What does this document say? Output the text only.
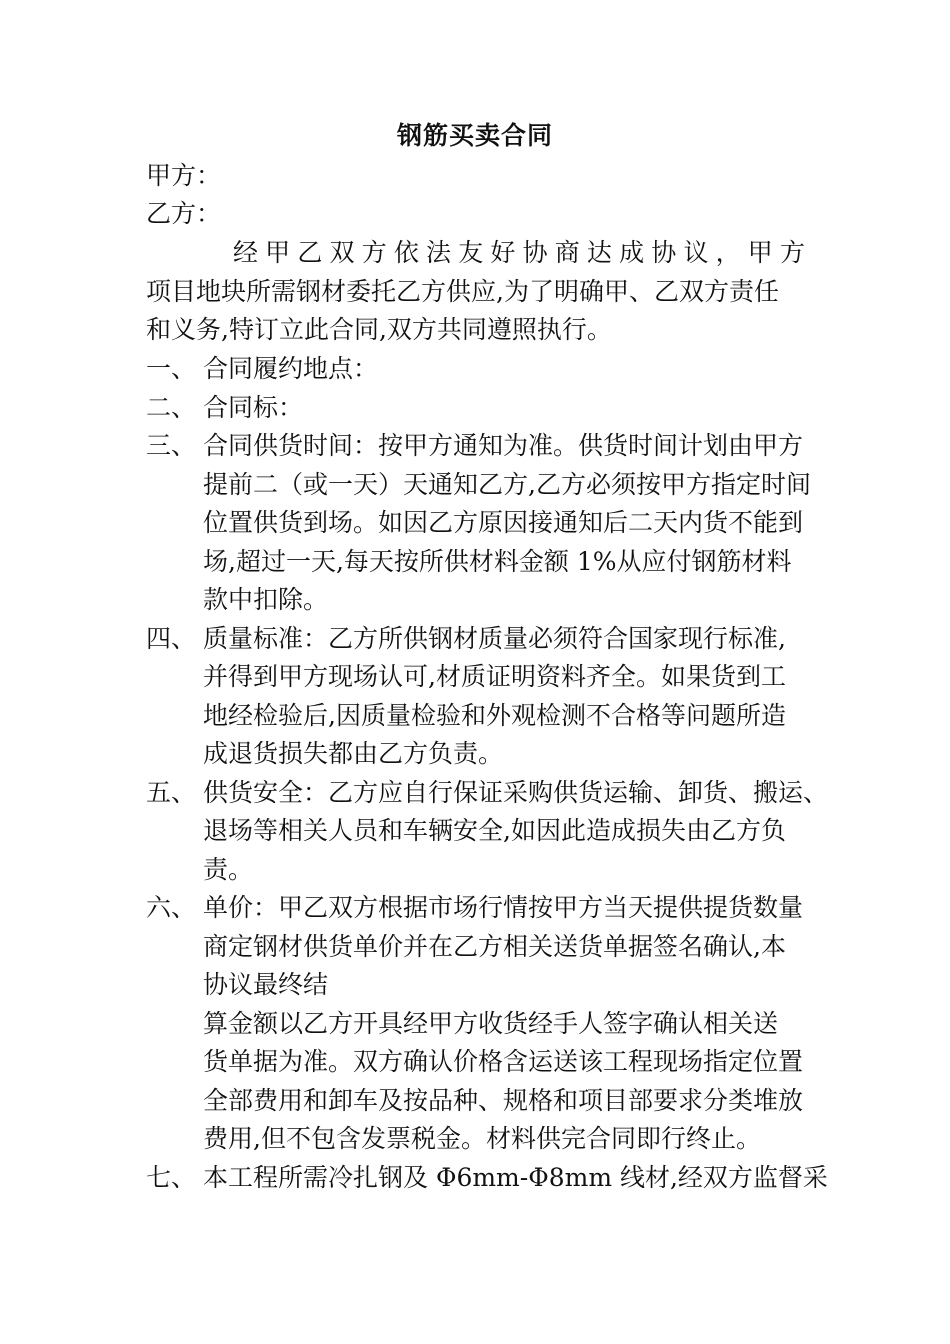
钢筋买卖合同
甲方：
乙方：
经甲乙双方依法友好协商达成协议，甲方
项目地块所需钢材委托乙方供应,为了明确甲、乙双方责任
和义务,特订立此合同,双方共同遵照执行。
一、 合同履约地点：
二、 合同标：
三、 合同供货时间：按甲方通知为准。供货时间计划由甲方
提前二（或一天）天通知乙方,乙方必须按甲方指定时间
位置供货到场。如因乙方原因接通知后二天内货不能到
场,超过一天,每天按所供材料金额 1%从应付钢筋材料
款中扣除。
四、 质量标准：乙方所供钢材质量必须符合国家现行标准,
并得到甲方现场认可,材质证明资料齐全。如果货到工
地经检验后,因质量检验和外观检测不合格等问题所造
成退货损失都由乙方负责。
五、 供货安全：乙方应自行保证采购供货运输、卸货、搬运、
退场等相关人员和车辆安全,如因此造成损失由乙方负
责。
六、 单价：甲乙双方根据市场行情按甲方当天提供提货数量
商定钢材供货单价并在乙方相关送货单据签名确认,本
协议最终结
算金额以乙方开具经甲方收货经手人签字确认相关送
货单据为准。双方确认价格含运送该工程现场指定位置
全部费用和卸车及按品种、规格和项目部要求分类堆放
费用,但不包含发票税金。材料供完合同即行终止。
七、 本工程所需冷扎钢及 Φ6mm-Φ8mm 线材,经双方监督采
